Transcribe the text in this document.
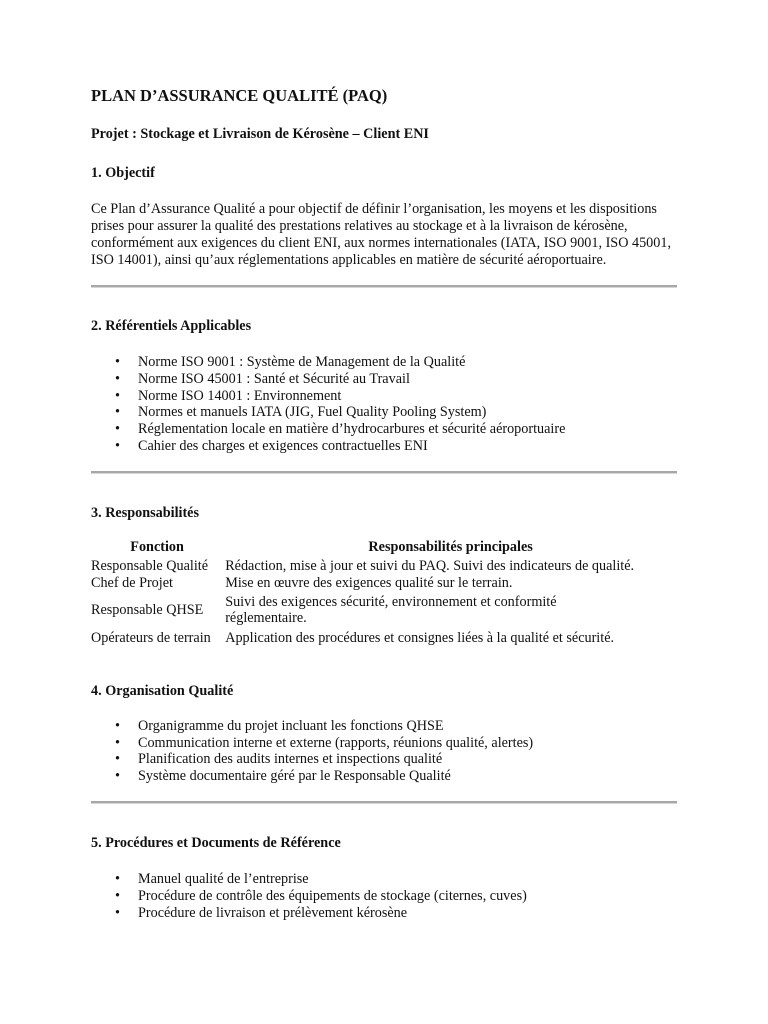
PLAN D’ASSURANCE QUALITÉ (PAQ)
Projet : Stockage et Livraison de Kérosène – Client ENI
1. Objectif

Ce Plan d’Assurance Qualité a pour objectif de définir l’organisation, les moyens et les dispositions prises pour assurer la qualité des prestations relatives au stockage et à la livraison de kérosène, conformément aux exigences du client ENI, aux normes internationales (IATA, ISO 9001, ISO 45001, ISO 14001), ainsi qu’aux réglementations applicables en matière de sécurité aéroportuaire.

2. Référentiels Applicables
• Norme ISO 9001 : Système de Management de la Qualité
• Norme ISO 45001 : Santé et Sécurité au Travail
• Norme ISO 14001 : Environnement
• Normes et manuels IATA (JIG, Fuel Quality Pooling System)
• Réglementation locale en matière d’hydrocarbures et sécurité aéroportuaire
• Cahier des charges et exigences contractuelles ENI
3. Responsabilités
Fonction	Responsabilités principales
Responsable Qualité	Rédaction, mise à jour et suivi du PAQ. Suivi des indicateurs de qualité.
Chef de Projet	Mise en œuvre des exigences qualité sur le terrain.
Responsable QHSE	Suivi des exigences sécurité, environnement et conformité réglementaire.
Opérateurs de terrain	Application des procédures et consignes liées à la qualité et sécurité.
4. Organisation Qualité
• Organigramme du projet incluant les fonctions QHSE
• Communication interne et externe (rapports, réunions qualité, alertes)
• Planification des audits internes et inspections qualité
• Système documentaire géré par le Responsable Qualité
5. Procédures et Documents de Référence
• Manuel qualité de l’entreprise
• Procédure de contrôle des équipements de stockage (citernes, cuves)
• Procédure de livraison et prélèvement kérosène
